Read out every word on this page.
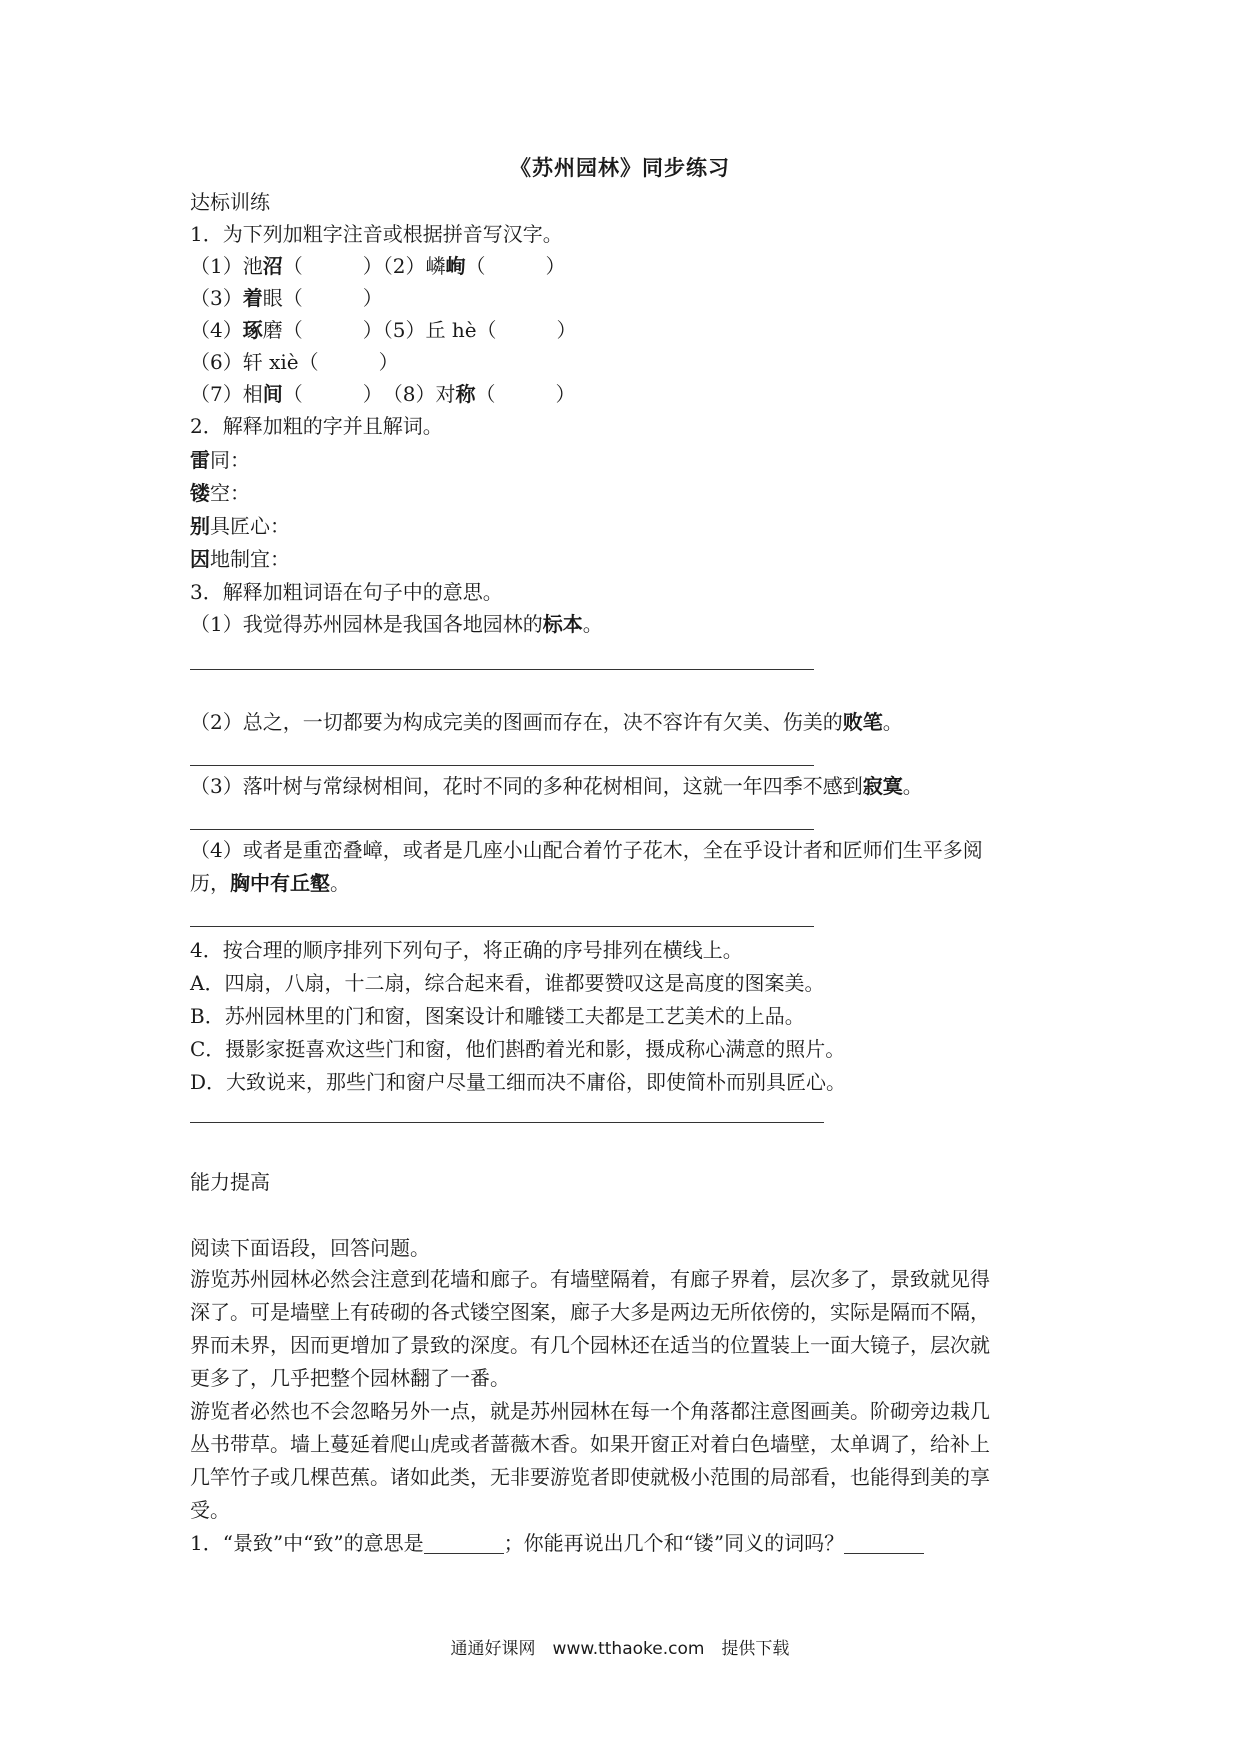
《苏州园林》同步练习
达标训练
1．为下列加粗字注音或根据拼音写汉字。
（1）池沼（　　　）（2）嶙峋（　　　）
（3）着眼（　　　）
（4）琢磨（　　　）（5）丘 hè（　　　）
（6）轩 xiè（　　　）
（7）相间（　　　）　（8）对称（　　　）
2．解释加粗的字并且解词。
雷同：
镂空：
别具匠心：
因地制宜：
3．解释加粗词语在句子中的意思。
（1）我觉得苏州园林是我国各地园林的标本。
（2）总之，一切都要为构成完美的图画而存在，决不容许有欠美、伤美的败笔。
（3）落叶树与常绿树相间，花时不同的多种花树相间，这就一年四季不感到寂寞。
（4）或者是重峦叠嶂，或者是几座小山配合着竹子花木，全在乎设计者和匠师们生平多阅
历，胸中有丘壑。
4．按合理的顺序排列下列句子，将正确的序号排列在横线上。
A．四扇，八扇，十二扇，综合起来看，谁都要赞叹这是高度的图案美。
B．苏州园林里的门和窗，图案设计和雕镂工夫都是工艺美术的上品。
C．摄影家挺喜欢这些门和窗，他们斟酌着光和影，摄成称心满意的照片。
D．大致说来，那些门和窗户尽量工细而决不庸俗，即使简朴而别具匠心。
能力提高
阅读下面语段，回答问题。
游览苏州园林必然会注意到花墙和廊子。有墙壁隔着，有廊子界着，层次多了，景致就见得
深了。可是墙壁上有砖砌的各式镂空图案，廊子大多是两边无所依傍的，实际是隔而不隔，
界而未界，因而更增加了景致的深度。有几个园林还在适当的位置装上一面大镜子，层次就
更多了，几乎把整个园林翻了一番。
游览者必然也不会忽略另外一点，就是苏州园林在每一个角落都注意图画美。阶砌旁边栽几
丛书带草。墙上蔓延着爬山虎或者蔷薇木香。如果开窗正对着白色墙壁，太单调了，给补上
几竿竹子或几棵芭蕉。诸如此类，无非要游览者即使就极小范围的局部看，也能得到美的享
受。
1．“景致”中“致”的意思是	；你能再说出几个和“镂”同义的词吗？
通通好课网　www.tthaoke.com　提供下载
